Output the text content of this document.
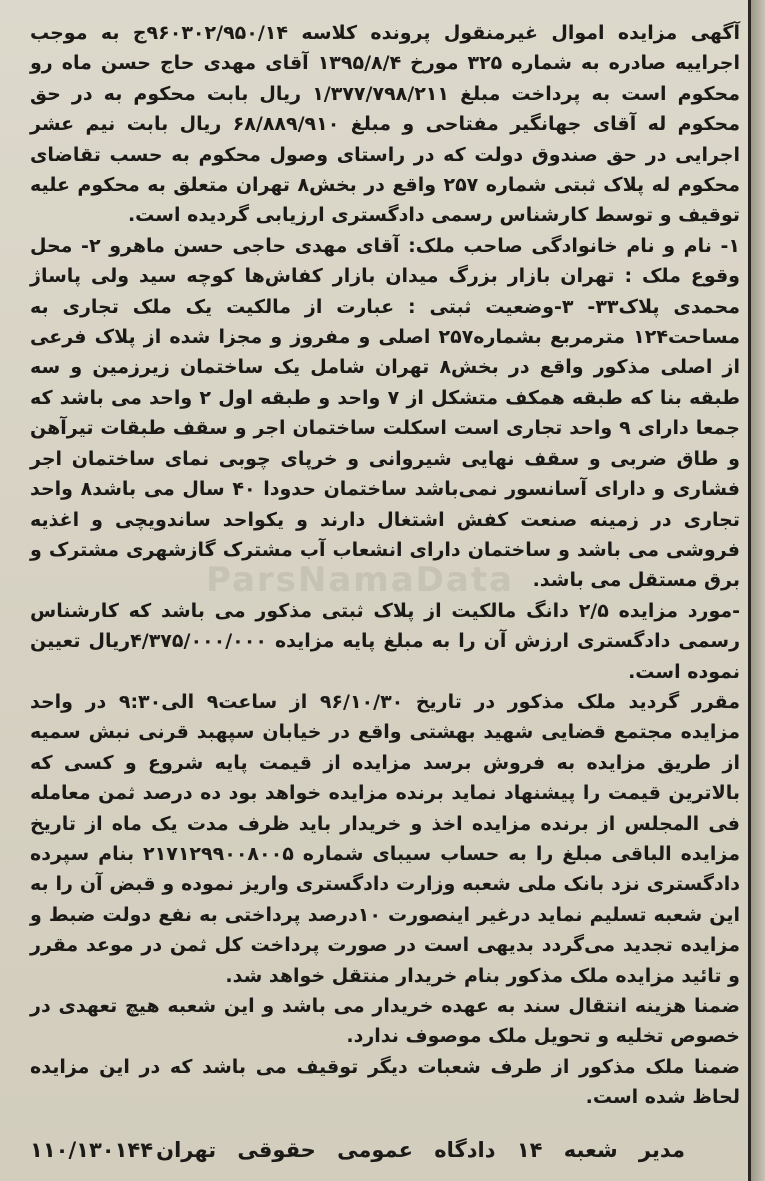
ParsNamaData

آگهی مزایده اموال غیرمنقول پرونده کلاسه ۹۶۰۳۰۲/۹۵۰/۱۴ج به موجب اجراییه صادره به شماره ۳۲۵ مورخ ۱۳۹۵/۸/۴ آقای مهدی حاج حسن ماه رو محکوم است به پرداخت مبلغ ۱/۳۷۷/۷۹۸/۲۱۱ ریال بابت محکوم به در حق محکوم له آقای جهانگیر مفتاحی و مبلغ ۶۸/۸۸۹/۹۱۰ ریال بابت نیم عشر اجرایی در حق صندوق دولت که در راستای وصول محکوم به حسب تقاضای محکوم له پلاک ثبتی شماره ۲۵۷ واقع در بخش۸ تهران متعلق به محکوم علیه توقیف و توسط کارشناس رسمی دادگستری ارزیابی گردیده است.

۱- نام و نام خانوادگی صاحب ملک: آقای مهدی حاجی حسن ماهرو ۲- محل وقوع ملک : تهران بازار بزرگ میدان بازار کفاش‌ها کوچه سید ولی پاساژ محمدی پلاک۳۳- ۳-وضعیت ثبتی : عبارت از مالکیت یک ملک تجاری به مساحت۱۲۴ مترمربع بشماره۲۵۷ اصلی و مفروز و مجزا شده از پلاک فرعی از اصلی مذکور واقع در بخش۸ تهران شامل یک ساختمان زیرزمین و سه طبقه بنا که طبقه همکف متشکل از ۷ واحد و طبقه اول ۲ واحد می باشد که جمعا دارای ۹ واحد تجاری است اسکلت ساختمان اجر و سقف طبقات تیرآهن و طاق ضربی و سقف نهایی شیروانی و خرپای چوبی نمای ساختمان اجر فشاری و دارای آسانسور نمی‌باشد ساختمان حدودا ۴۰ سال می باشد۸ واحد تجاری در زمینه صنعت کفش اشتغال دارند و یکواحد ساندویچی و اغذیه فروشی می باشد و ساختمان دارای انشعاب آب مشترک گازشهری مشترک و برق مستقل می باشد.

-مورد مزایده ۲/۵ دانگ مالکیت از پلاک ثبتی مذکور می باشد که کارشناس رسمی دادگستری ارزش آن را به مبلغ پایه مزایده ۴/۳۷۵/۰۰۰/۰۰۰ریال تعیین نموده است.

مقرر گردید ملک مذکور در تاریخ ۹۶/۱۰/۳۰ از ساعت۹ الی۹:۳۰ در واحد مزایده مجتمع قضایی شهید بهشتی واقع در خیابان سپهبد قرنی نبش سمیه از طریق مزایده به فروش برسد مزایده از قیمت پایه شروع و کسی که بالاترین قیمت را پیشنهاد نماید برنده مزایده خواهد بود ده درصد ثمن معامله فی المجلس از برنده مزایده اخذ و خریدار باید ظرف مدت یک ماه از تاریخ مزایده الباقی مبلغ را به حساب سیبای شماره ۲۱۷۱۲۹۹۰۰۸۰۰۵ بنام سپرده دادگستری نزد بانک ملی شعبه وزارت دادگستری واریز نموده و قبض آن را به این شعبه تسلیم نماید درغیر اینصورت ۱۰درصد پرداختی به نفع دولت ضبط و مزایده تجدید می‌گردد بدیهی است در صورت پرداخت کل ثمن در موعد مقرر و تائید مزایده ملک مذکور بنام خریدار منتقل خواهد شد.

ضمنا هزینه انتقال سند به عهده خریدار می باشد و این شعبه هیچ تعهدی در خصوص تخلیه و تحویل ملک موصوف ندارد.

ضمنا ملک مذکور از طرف شعبات دیگر توقیف می باشد که در این مزایده لحاظ شده است.

مدیر شعبه ۱۴ دادگاه عمومی حقوقی تهران
۱۱۰/۱۳۰۱۴۴
